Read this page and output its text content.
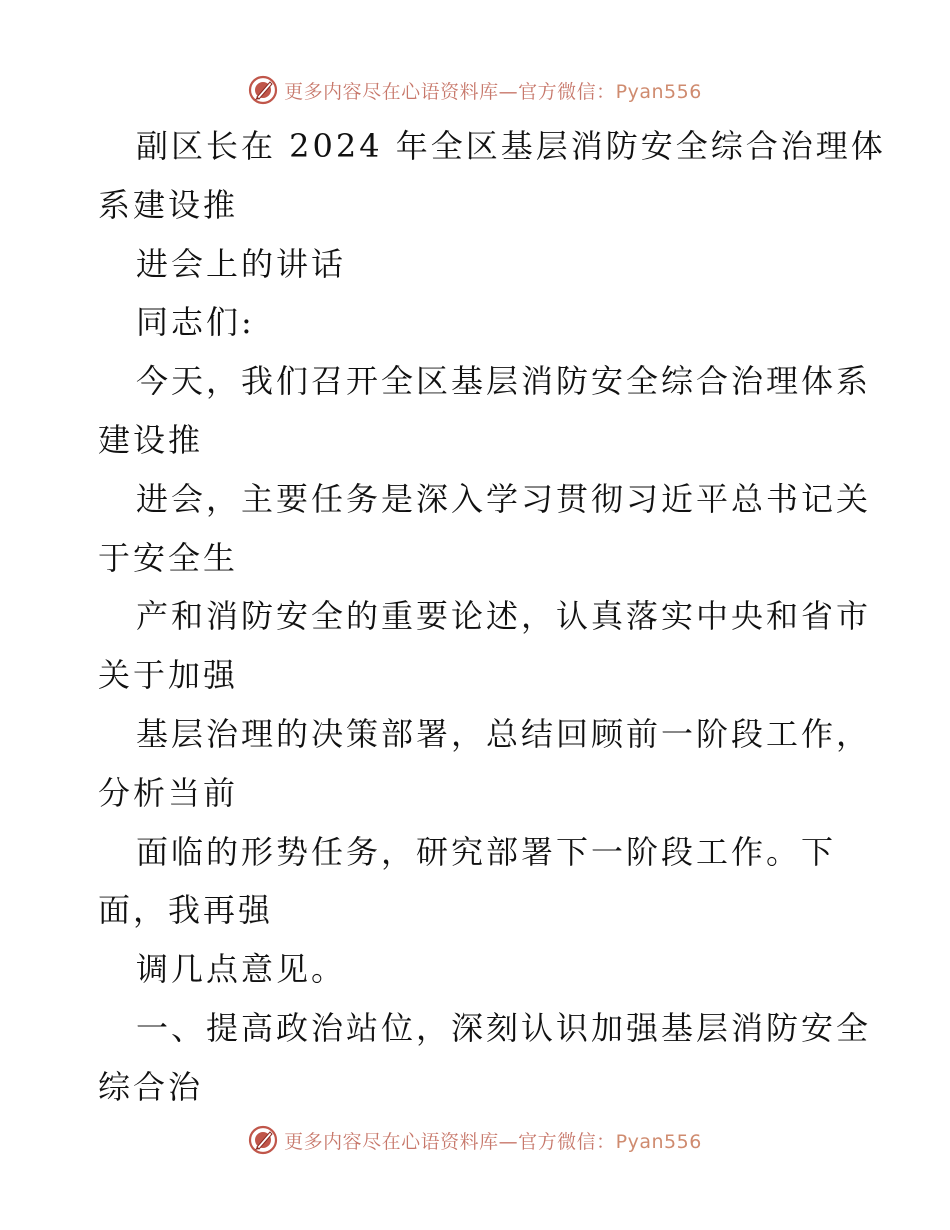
更多内容尽在心语资料库—官方微信：Pyan556
副区长在 2024 年全区基层消防安全综合治理体
系建设推
进会上的讲话
同志们:
今天，我们召开全区基层消防安全综合治理体系
建设推
进会，主要任务是深入学习贯彻习近平总书记关
于安全生
产和消防安全的重要论述，认真落实中央和省市
关于加强
基层治理的决策部署，总结回顾前一阶段工作，
分析当前
面临的形势任务，研究部署下一阶段工作。下
面，我再强
调几点意见。
一、提高政治站位，深刻认识加强基层消防安全
综合治
更多内容尽在心语资料库—官方微信：Pyan556
